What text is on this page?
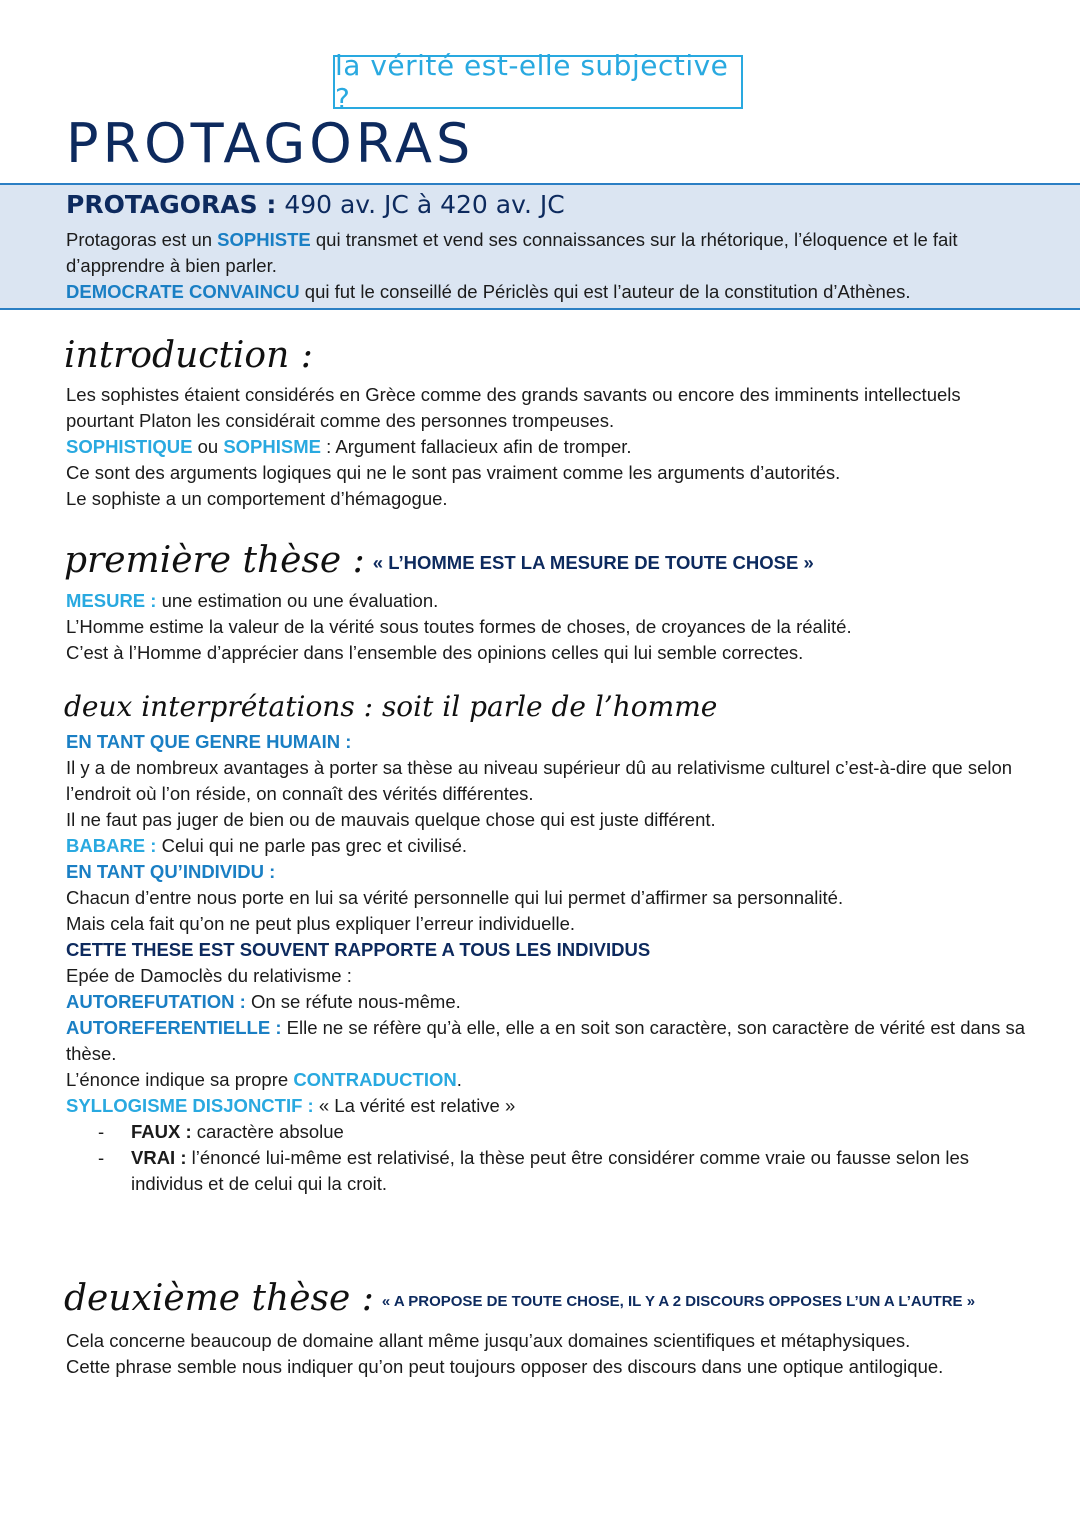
la vérité est-elle subjective ?
PROTAGORAS
PROTAGORAS : 490 av. JC à 420 av. JC
Protagoras est un SOPHISTE qui transmet et vend ses connaissances sur la rhétorique, l’éloquence et le fait d’apprendre à bien parler.
DEMOCRATE CONVAINCU qui fut le conseillé de Périclès qui est l’auteur de la constitution d’Athènes.
introduction :
Les sophistes étaient considérés en Grèce comme des grands savants ou encore des imminents intellectuels pourtant Platon les considérait comme des personnes trompeuses.
SOPHISTIQUE ou SOPHISME : Argument fallacieux afin de tromper.
Ce sont des arguments logiques qui ne le sont pas vraiment comme les arguments d’autorités.
Le sophiste a un comportement d’hémagogue.
première thèse : « L’HOMME EST LA MESURE DE TOUTE CHOSE »
MESURE : une estimation ou une évaluation.
L’Homme estime la valeur de la vérité sous toutes formes de choses, de croyances de la réalité.
C’est à l’Homme d’apprécier dans l’ensemble des opinions celles qui lui semble correctes.
deux interprétations : soit il parle de l’homme
EN TANT QUE GENRE HUMAIN :
Il y a de nombreux avantages à porter sa thèse au niveau supérieur dû au relativisme culturel c’est-à-dire que selon l’endroit où l’on réside, on connaît des vérités différentes.
Il ne faut pas juger de bien ou de mauvais quelque chose qui est juste différent.
BABARE : Celui qui ne parle pas grec et civilisé.
EN TANT QU’INDIVIDU :
Chacun d’entre nous porte en lui sa vérité personnelle qui lui permet d’affirmer sa personnalité.
Mais cela fait qu’on ne peut plus expliquer l’erreur individuelle.
CETTE THESE EST SOUVENT RAPPORTE A TOUS LES INDIVIDUS
Epée de Damoclès du relativisme :
AUTOREFUTATION : On se réfute nous-même.
AUTOREFERENTIELLE : Elle ne se réfère qu’à elle, elle a en soit son caractère, son caractère de vérité est dans sa thèse.
L’énonce indique sa propre CONTRADUCTION.
SYLLOGISME DISJONCTIF : « La vérité est relative »
- FAUX : caractère absolue
- VRAI : l’énoncé lui-même est relativisé, la thèse peut être considérer comme vraie ou fausse selon les individus et de celui qui la croit.
deuxième thèse : « A PROPOSE DE TOUTE CHOSE, IL Y A 2 DISCOURS OPPOSES L’UN A L’AUTRE »
Cela concerne beaucoup de domaine allant même jusqu’aux domaines scientifiques et métaphysiques.
Cette phrase semble nous indiquer qu’on peut toujours opposer des discours dans une optique antilogique.
